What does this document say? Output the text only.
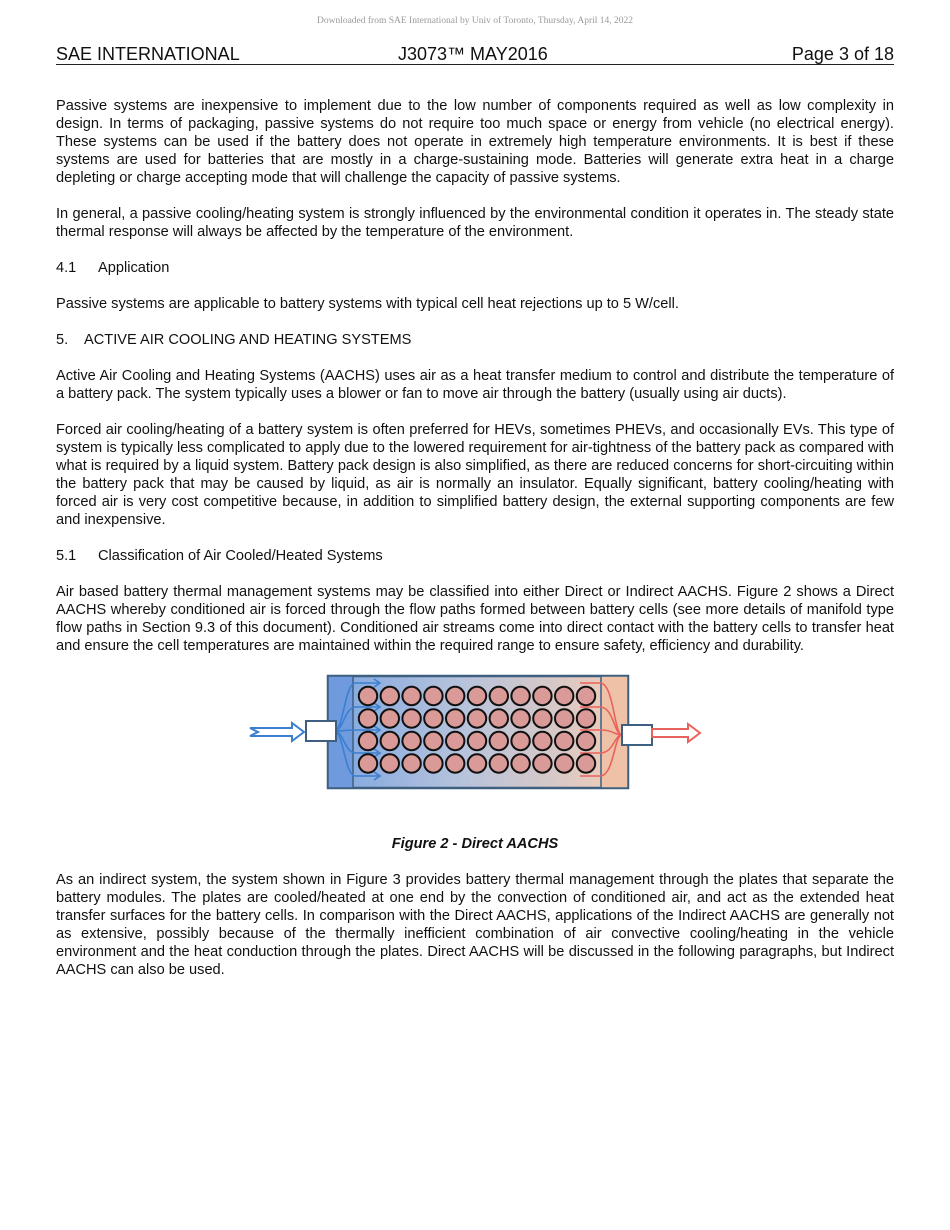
Downloaded from SAE International by Univ of Toronto, Thursday, April 14, 2022
SAE INTERNATIONAL	J3073™ MAY2016	Page 3 of 18

Passive systems are inexpensive to implement due to the low number of components required as well as low complexity in design. In terms of packaging, passive systems do not require too much space or energy from vehicle (no electrical energy). These systems can be used if the battery does not operate in extremely high temperature environments. It is best if these systems are used for batteries that are mostly in a charge-sustaining mode. Batteries will generate extra heat in a charge depleting or charge accepting mode that will challenge the capacity of passive systems.

In general, a passive cooling/heating system is strongly influenced by the environmental condition it operates in. The steady state thermal response will always be affected by the temperature of the environment.

4.1 Application

Passive systems are applicable to battery systems with typical cell heat rejections up to 5 W/cell.

5. ACTIVE AIR COOLING AND HEATING SYSTEMS

Active Air Cooling and Heating Systems (AACHS) uses air as a heat transfer medium to control and distribute the temperature of a battery pack. The system typically uses a blower or fan to move air through the battery (usually using air ducts).

Forced air cooling/heating of a battery system is often preferred for HEVs, sometimes PHEVs, and occasionally EVs. This type of system is typically less complicated to apply due to the lowered requirement for air-tightness of the battery pack as compared with what is required by a liquid system. Battery pack design is also simplified, as there are reduced concerns for short-circuiting within the battery pack that may be caused by liquid, as air is normally an insulator. Equally significant, battery cooling/heating with forced air is very cost competitive because, in addition to simplified battery design, the external supporting components are few and inexpensive.

5.1 Classification of Air Cooled/Heated Systems

Air based battery thermal management systems may be classified into either Direct or Indirect AACHS. Figure 2 shows a Direct AACHS whereby conditioned air is forced through the flow paths formed between battery cells (see more details of manifold type flow paths in Section 9.3 of this document). Conditioned air streams come into direct contact with the battery cells to transfer heat and ensure the cell temperatures are maintained within the required range to ensure safety, efficiency and durability.

Figure 2 - Direct AACHS

As an indirect system, the system shown in Figure 3 provides battery thermal management through the plates that separate the battery modules. The plates are cooled/heated at one end by the convection of conditioned air, and act as the extended heat transfer surfaces for the battery cells. In comparison with the Direct AACHS, applications of the Indirect AACHS are generally not as extensive, possibly because of the thermally inefficient combination of air convective cooling/heating in the vehicle environment and the heat conduction through the plates. Direct AACHS will be discussed in the following paragraphs, but Indirect AACHS can also be used.
